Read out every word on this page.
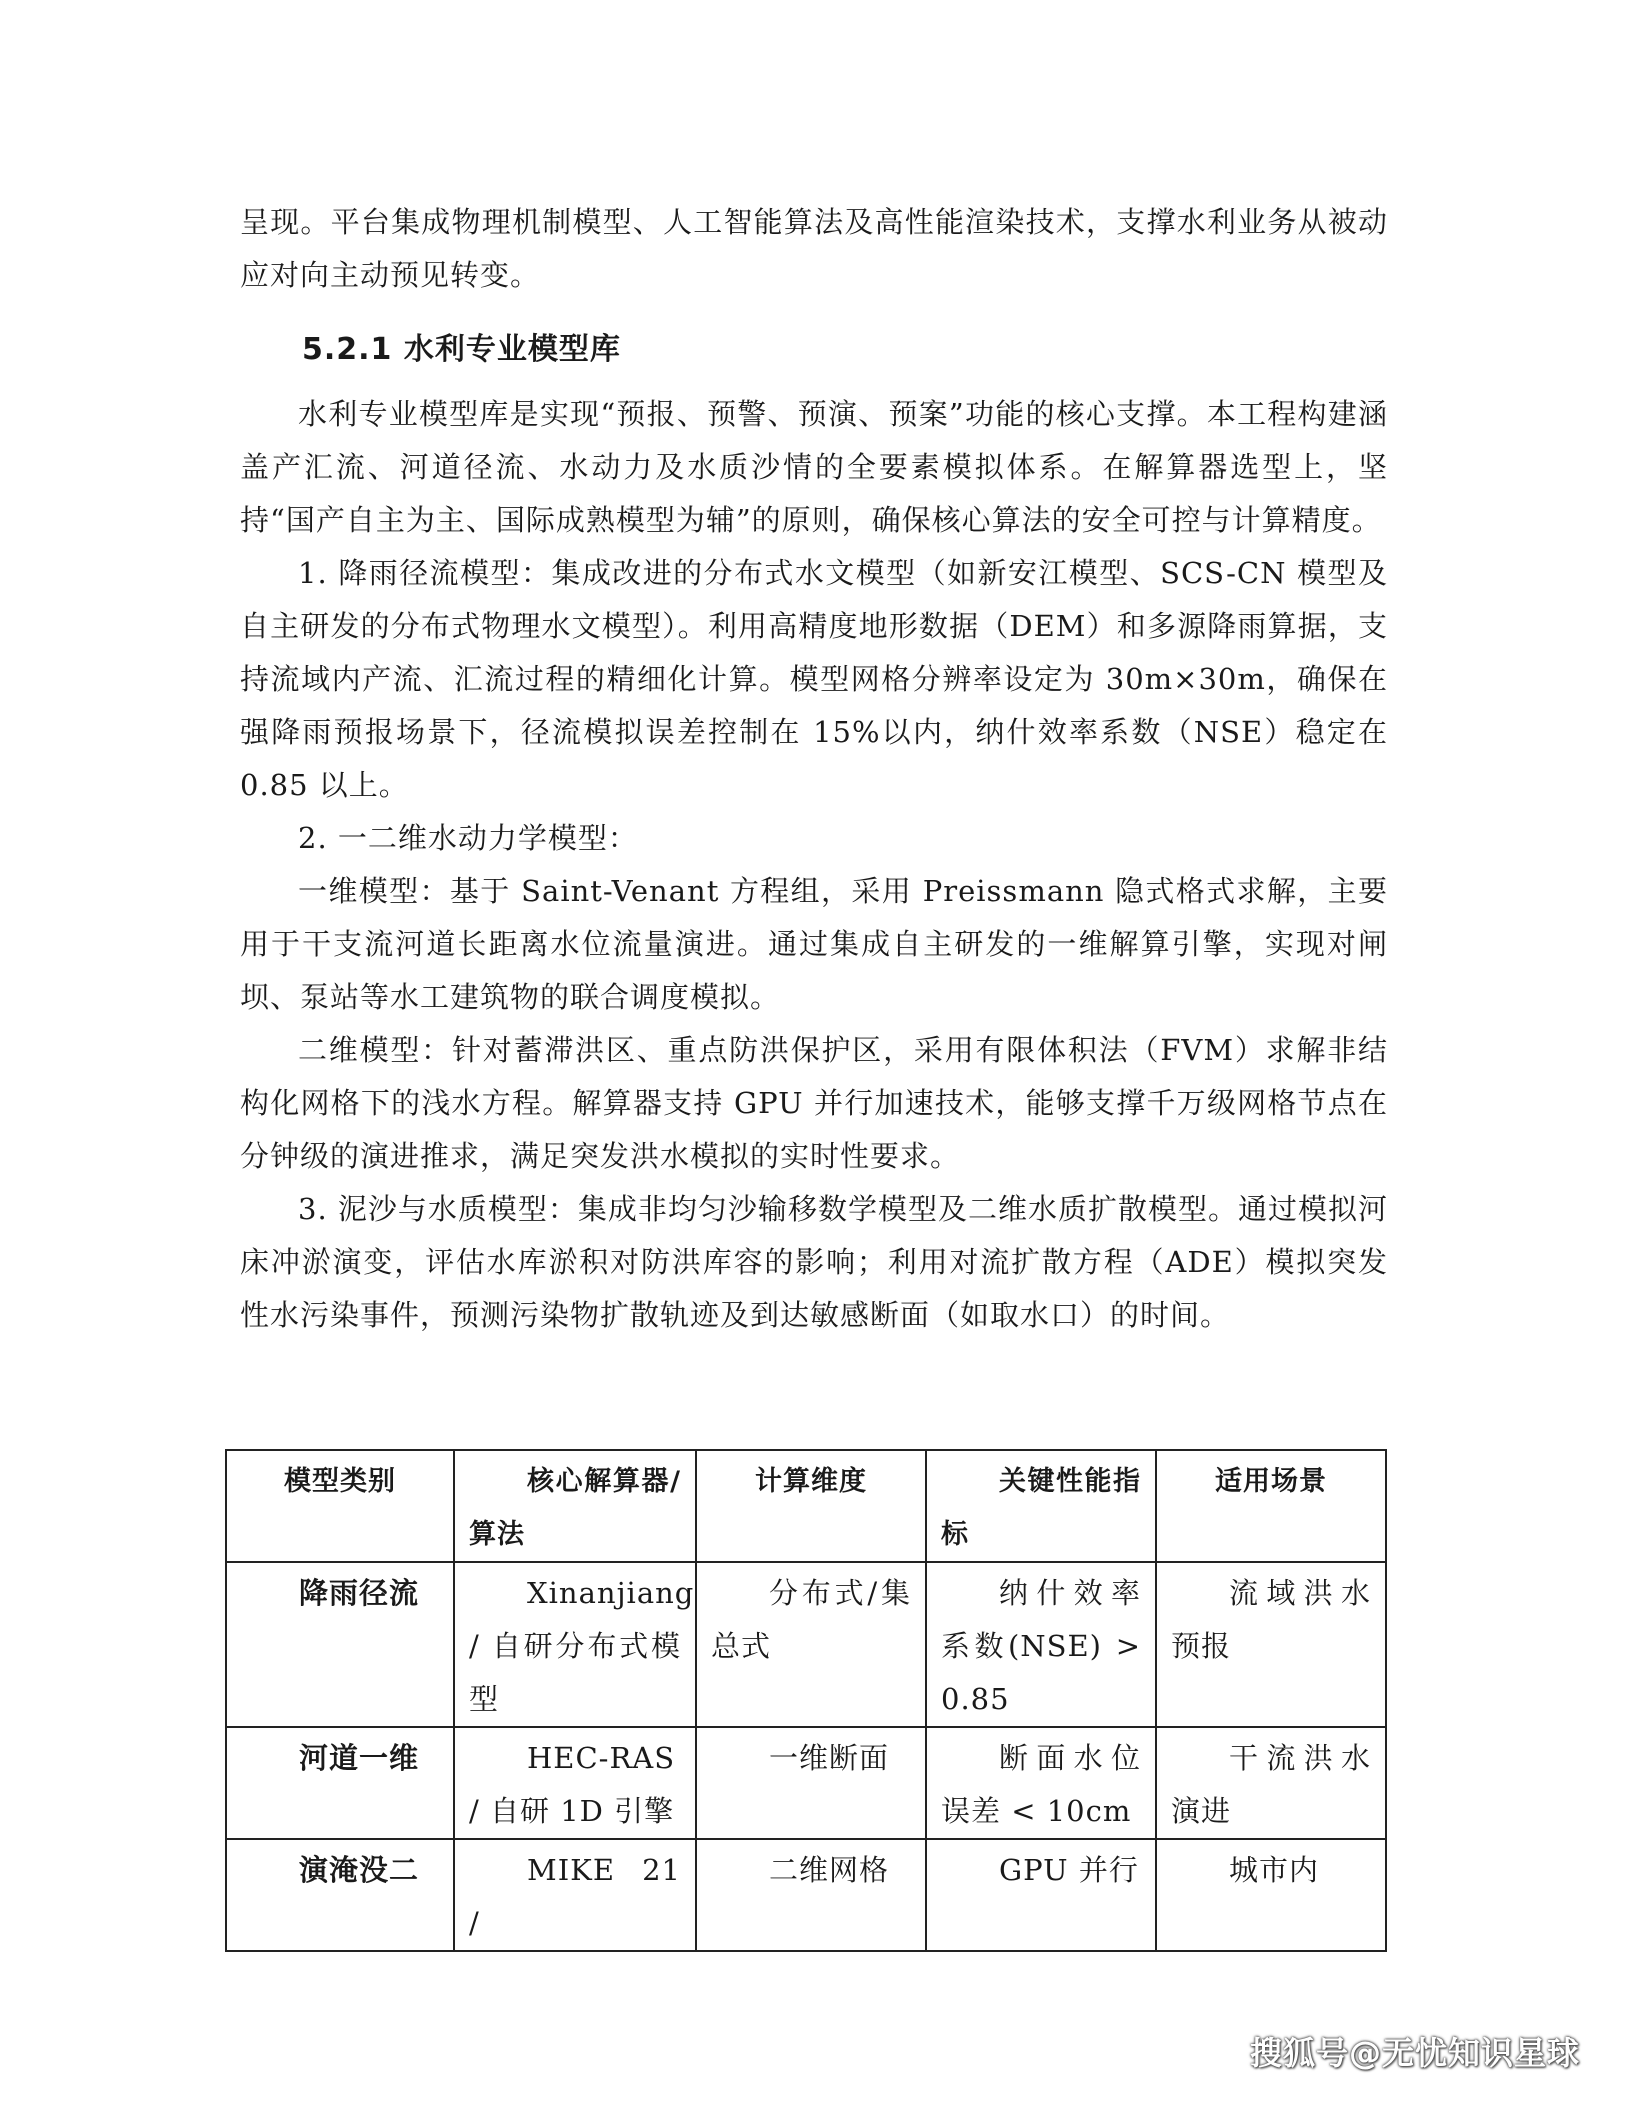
呈现。平台集成物理机制模型、人工智能算法及高性能渲染技术，支撑水利业务从被动应对向主动预见转变。

5.2.1 水利专业模型库

水利专业模型库是实现“预报、预警、预演、预案”功能的核心支撑。本工程构建涵盖产汇流、河道径流、水动力及水质沙情的全要素模拟体系。在解算器选型上，坚持“国产自主为主、国际成熟模型为辅”的原则，确保核心算法的安全可控与计算精度。

1. 降雨径流模型：集成改进的分布式水文模型（如新安江模型、SCS-CN 模型及自主研发的分布式物理水文模型）。利用高精度地形数据（DEM）和多源降雨算据，支持流域内产流、汇流过程的精细化计算。模型网格分辨率设定为 30m×30m，确保在强降雨预报场景下，径流模拟误差控制在 15%以内，纳什效率系数（NSE）稳定在 0.85 以上。

2. 一二维水动力学模型：

一维模型：基于 Saint-Venant 方程组，采用 Preissmann 隐式格式求解，主要用于干支流河道长距离水位流量演进。通过集成自主研发的一维解算引擎，实现对闸坝、泵站等水工建筑物的联合调度模拟。

二维模型：针对蓄滞洪区、重点防洪保护区，采用有限体积法（FVM）求解非结构化网格下的浅水方程。解算器支持 GPU 并行加速技术，能够支撑千万级网格节点在分钟级的演进推求，满足突发洪水模拟的实时性要求。

3. 泥沙与水质模型：集成非均匀沙输移数学模型及二维水质扩散模型。通过模拟河床冲淤演变，评估水库淤积对防洪库容的影响；利用对流扩散方程（ADE）模拟突发性水污染事件，预测污染物扩散轨迹及到达敏感断面（如取水口）的时间。

模型类别	核心解算器/算法	计算维度	关键性能指标	适用场景
降雨径流	Xinanjiang / 自研分布式模型	分布式/集总式	纳什效率系数(NSE) > 0.85	流域洪水预报
河道一维	HEC-RAS / 自研 1D 引擎	一维断面	断面水位误差 < 10cm	干流洪水演进
演淹没二	MIKE 21 /	二维网格	GPU 并行	城市内
搜狐号@无忧知识星球
